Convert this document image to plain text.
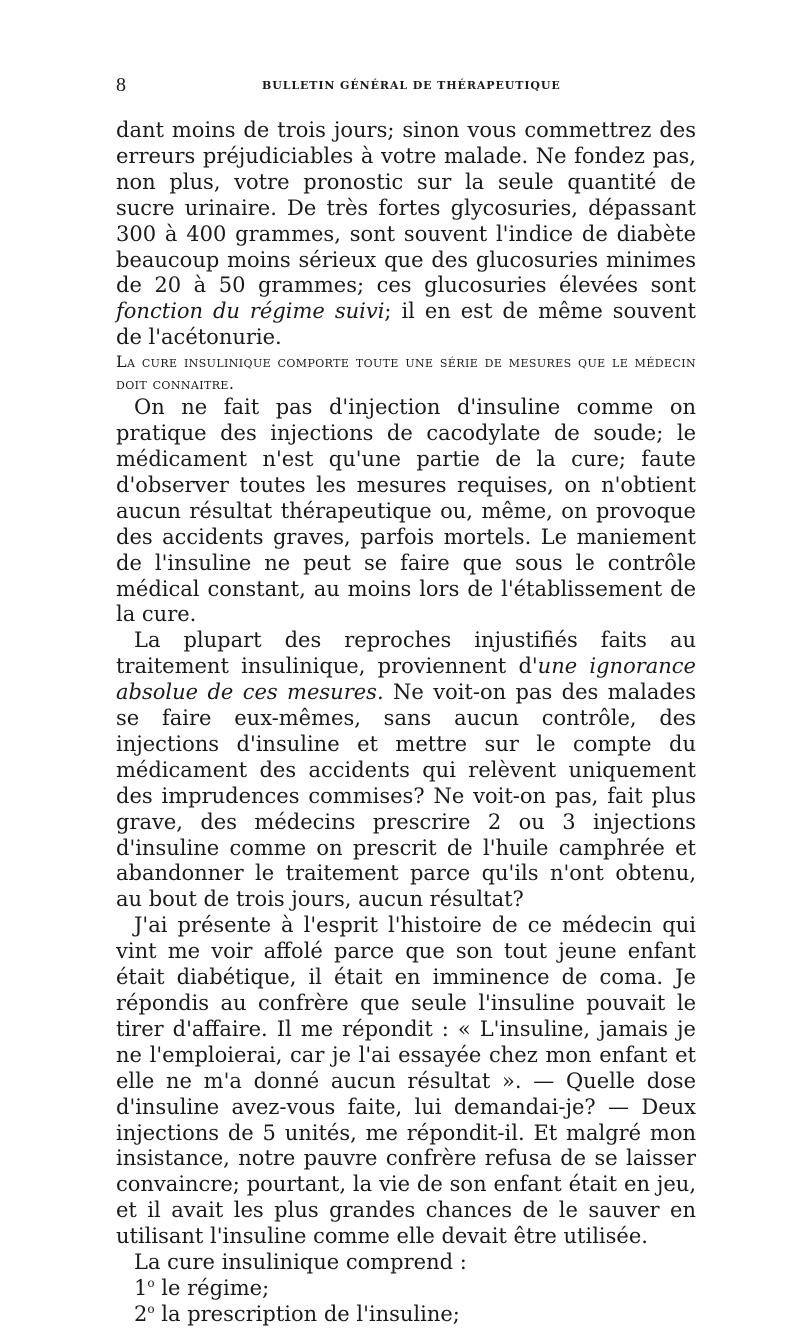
8	BULLETIN GÉNÉRAL DE THÉRAPEUTIQUE

dant moins de trois jours; sinon vous commettrez des erreurs préjudiciables à votre malade. Ne fondez pas, non plus, votre pronostic sur la seule quantité de sucre urinaire. De très fortes glycosuries, dépassant 300 à 400 grammes, sont souvent l'indice de diabète beaucoup moins sérieux que des glucosuries minimes de 20 à 50 grammes; ces glucosuries élevées sont fonction du régime suivi; il en est de même souvent de l'acétonurie.

La cure insulinique comporte toute une série de mesures que le médecin doit connaitre.

On ne fait pas d'injection d'insuline comme on pratique des injections de cacodylate de soude; le médicament n'est qu'une partie de la cure; faute d'observer toutes les mesures requises, on n'obtient aucun résultat thérapeutique ou, même, on provoque des accidents graves, parfois mortels. Le maniement de l'insuline ne peut se faire que sous le contrôle médical constant, au moins lors de l'établissement de la cure.

La plupart des reproches injustifiés faits au traitement insulinique, proviennent d'une ignorance absolue de ces mesures. Ne voit-on pas des malades se faire eux-mêmes, sans aucun contrôle, des injections d'insuline et mettre sur le compte du médicament des accidents qui relèvent uniquement des imprudences commises? Ne voit-on pas, fait plus grave, des médecins prescrire 2 ou 3 injections d'insuline comme on prescrit de l'huile camphrée et abandonner le traitement parce qu'ils n'ont obtenu, au bout de trois jours, aucun résultat?

J'ai présente à l'esprit l'histoire de ce médecin qui vint me voir affolé parce que son tout jeune enfant était diabétique, il était en imminence de coma. Je répondis au confrère que seule l'insuline pouvait le tirer d'affaire. Il me répondit : « L'insuline, jamais je ne l'emploierai, car je l'ai essayée chez mon enfant et elle ne m'a donné aucun résultat ». — Quelle dose d'insuline avez-vous faite, lui demandai-je? — Deux injections de 5 unités, me répondit-il. Et malgré mon insistance, notre pauvre confrère refusa de se laisser convaincre; pourtant, la vie de son enfant était en jeu, et il avait les plus grandes chances de le sauver en utilisant l'insuline comme elle devait être utilisée.

La cure insulinique comprend :

1$^o$ le régime;

2$^o$ la prescription de l'insuline;
